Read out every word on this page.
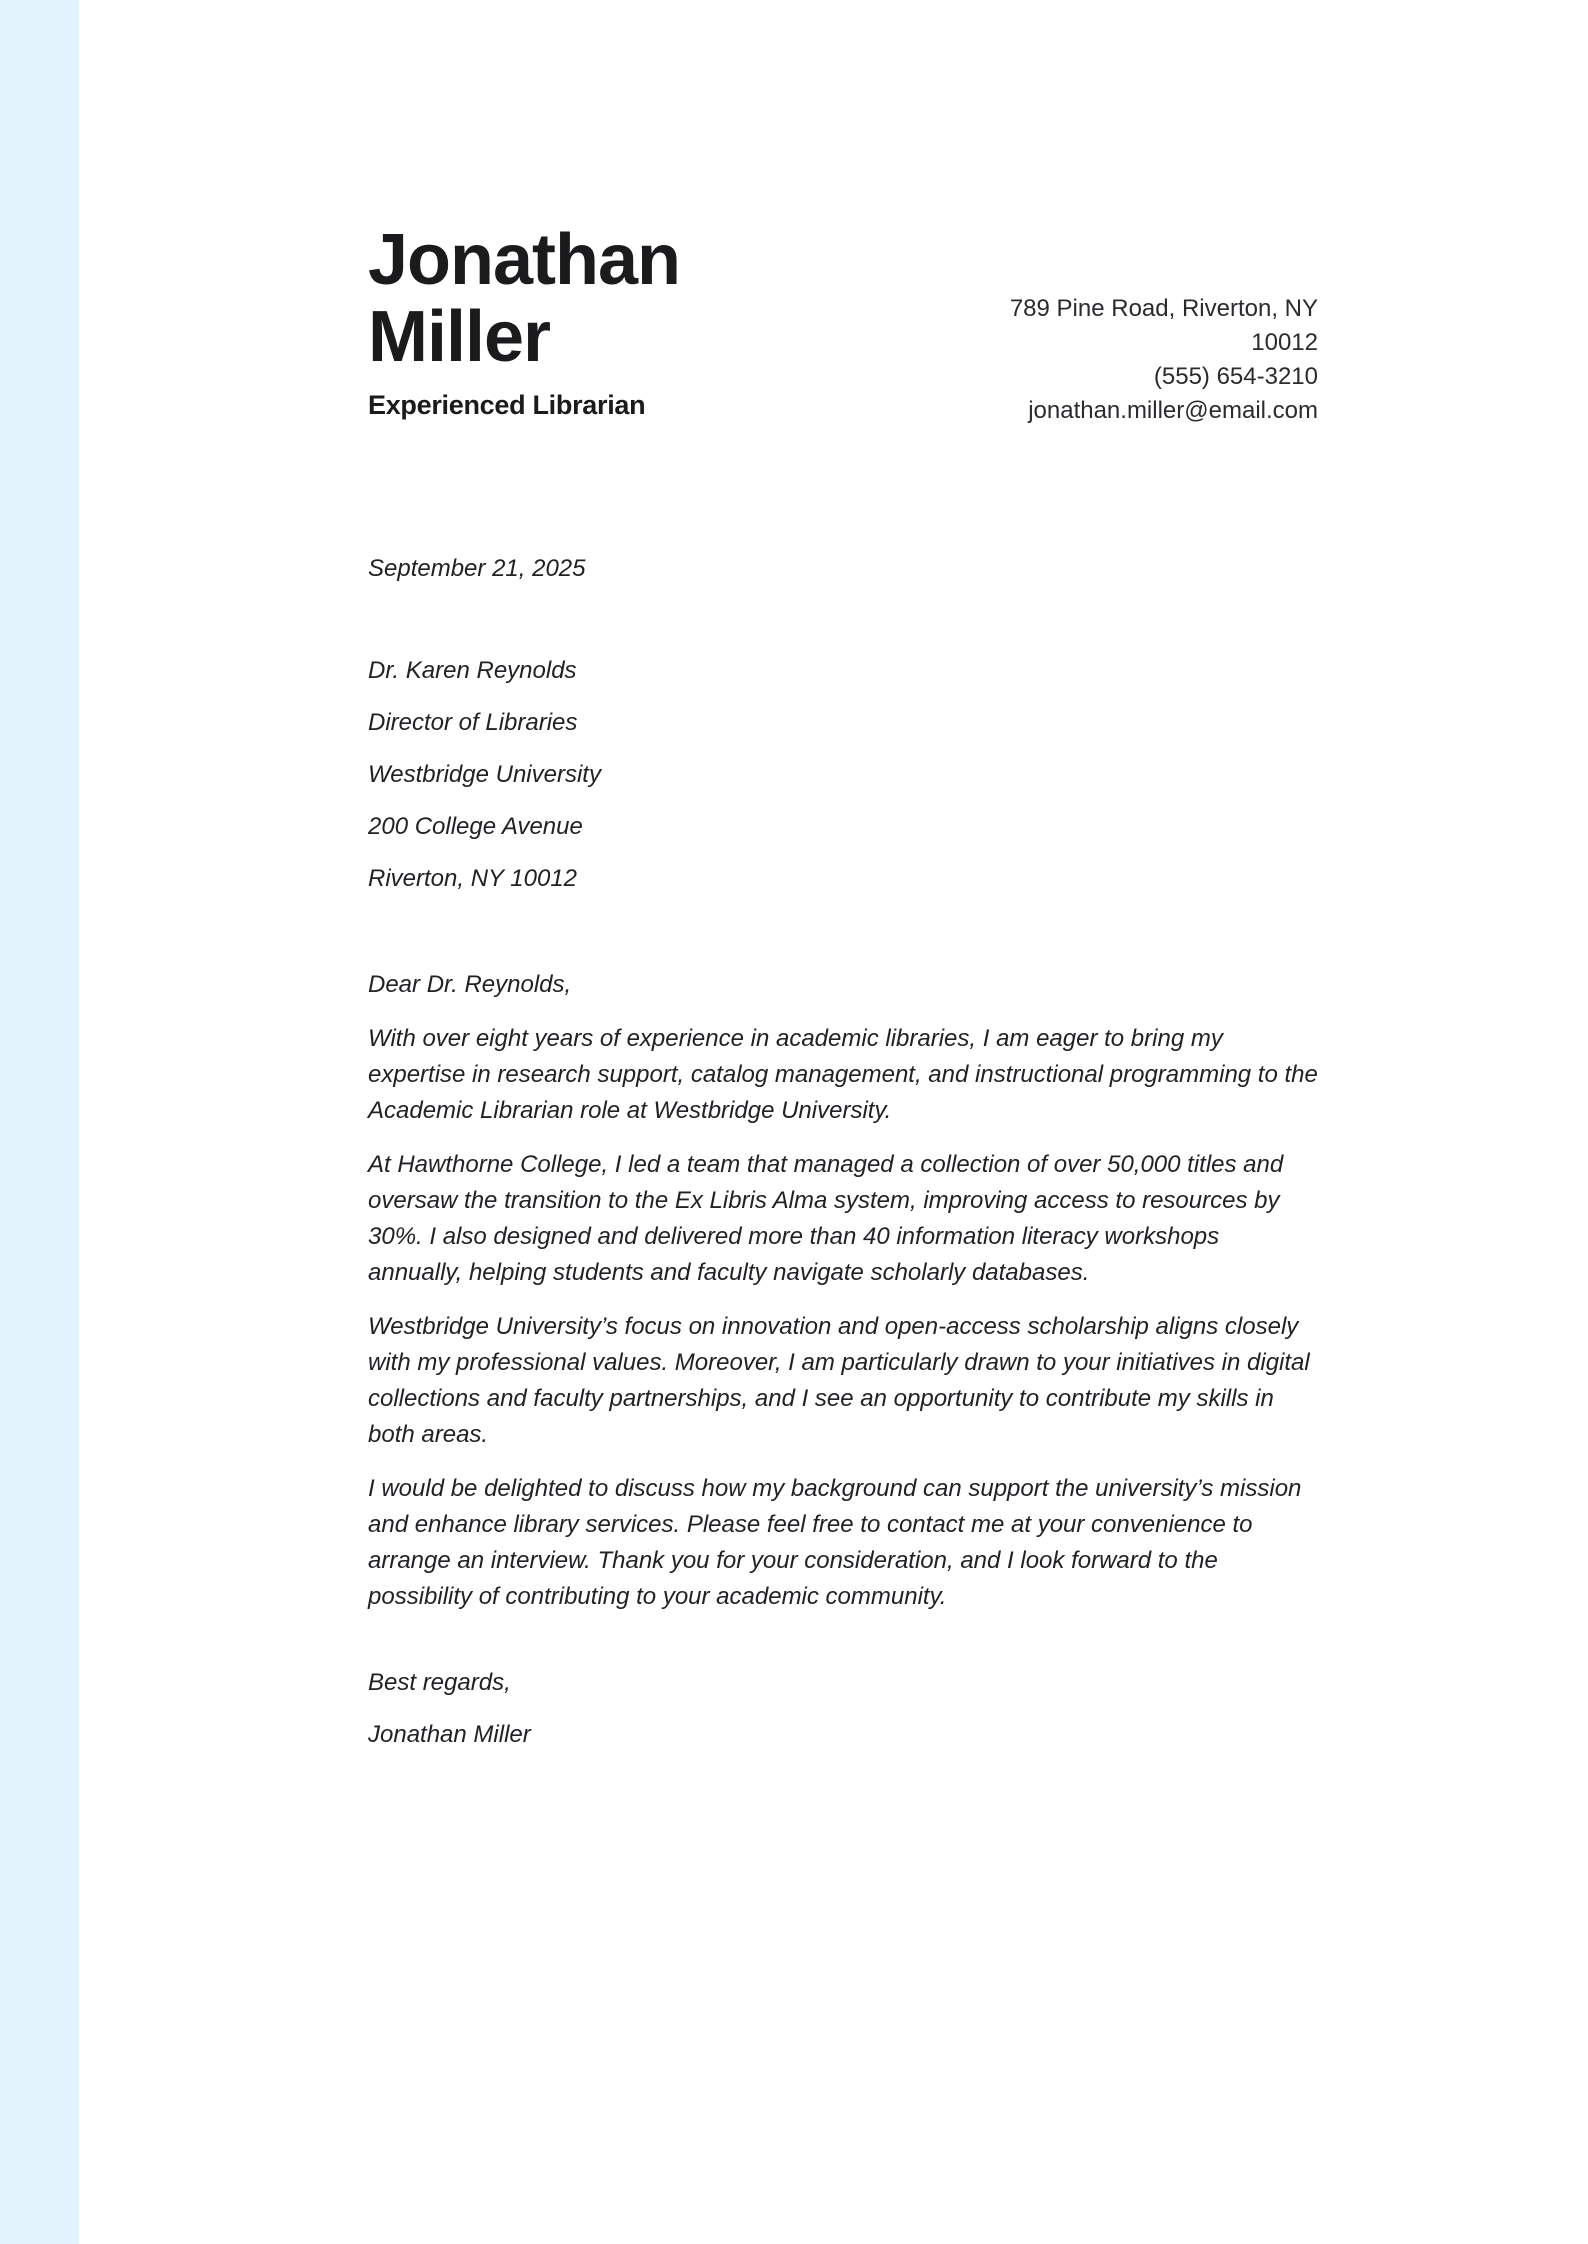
Jonathan
Miller
Experienced Librarian
789 Pine Road, Riverton, NY
10012
(555) 654-3210
jonathan.miller@email.com
September 21, 2025
Dr. Karen Reynolds
Director of Libraries
Westbridge University
200 College Avenue
Riverton, NY 10012
Dear Dr. Reynolds,
With over eight years of experience in academic libraries, I am eager to bring my expertise in research support, catalog management, and instructional programming to the Academic Librarian role at Westbridge University.
At Hawthorne College, I led a team that managed a collection of over 50,000 titles and oversaw the transition to the Ex Libris Alma system, improving access to resources by 30%. I also designed and delivered more than 40 information literacy workshops annually, helping students and faculty navigate scholarly databases.
Westbridge University’s focus on innovation and open-access scholarship aligns closely with my professional values. Moreover, I am particularly drawn to your initiatives in digital collections and faculty partnerships, and I see an opportunity to contribute my skills in both areas.
I would be delighted to discuss how my background can support the university’s mission and enhance library services. Please feel free to contact me at your convenience to arrange an interview. Thank you for your consideration, and I look forward to the possibility of contributing to your academic community.
Best regards,
Jonathan Miller
